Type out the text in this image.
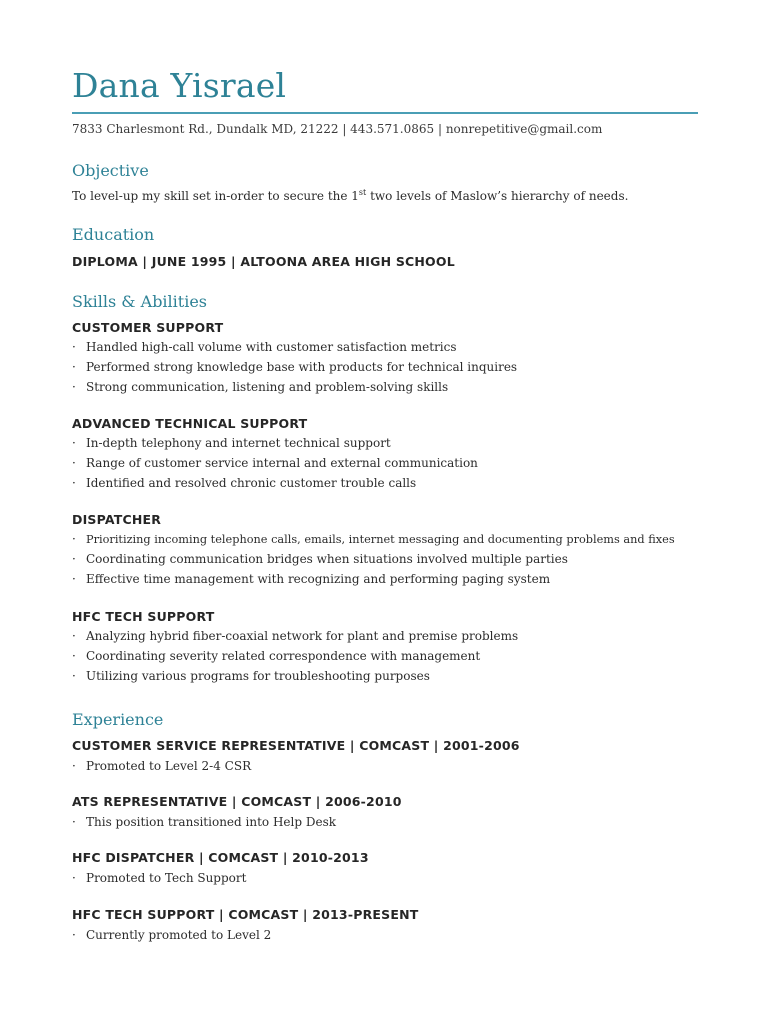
Dana Yisrael
7833 Charlesmont Rd., Dundalk MD, 21222 | 443.571.0865 | nonrepetitive@gmail.com
Objective
To level-up my skill set in-order to secure the 1st two levels of Maslow’s hierarchy of needs.
Education
DIPLOMA | JUNE 1995 | ALTOONA AREA HIGH SCHOOL
Skills & Abilities
CUSTOMER SUPPORT
· Handled high-call volume with customer satisfaction metrics
· Performed strong knowledge base with products for technical inquires
· Strong communication, listening and problem-solving skills
ADVANCED TECHNICAL SUPPORT
· In-depth telephony and internet technical support
· Range of customer service internal and external communication
· Identified and resolved chronic customer trouble calls
DISPATCHER
· Prioritizing incoming telephone calls, emails, internet messaging and documenting problems and fixes
· Coordinating communication bridges when situations involved multiple parties
· Effective time management with recognizing and performing paging system
HFC TECH SUPPORT
· Analyzing hybrid fiber-coaxial network for plant and premise problems
· Coordinating severity related correspondence with management
· Utilizing various programs for troubleshooting purposes
Experience
CUSTOMER SERVICE REPRESENTATIVE | COMCAST | 2001-2006
· Promoted to Level 2-4 CSR
ATS REPRESENTATIVE | COMCAST | 2006-2010
· This position transitioned into Help Desk
HFC DISPATCHER | COMCAST | 2010-2013
· Promoted to Tech Support
HFC TECH SUPPORT | COMCAST | 2013-PRESENT
· Currently promoted to Level 2
